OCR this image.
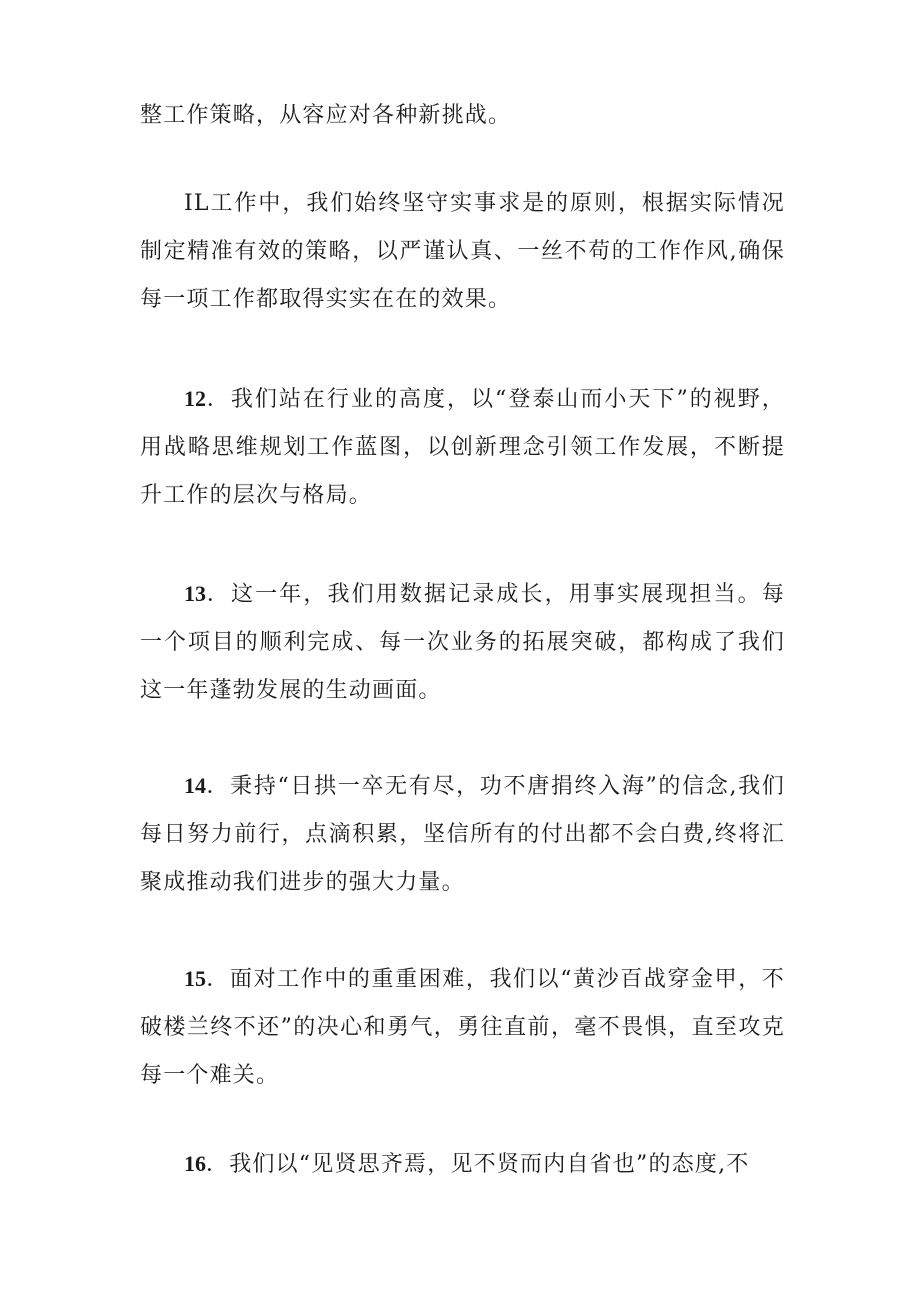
整工作策略，从容应对各种新挑战。

IL工作中，我们始终坚守实事求是的原则，根据实际情况制定精准有效的策略，以严谨认真、一丝不苟的工作作风,确保每一项工作都取得实实在在的效果。

12．我们站在行业的高度，以“登泰山而小天下”的视野，用战略思维规划工作蓝图，以创新理念引领工作发展，不断提升工作的层次与格局。

13．这一年，我们用数据记录成长，用事实展现担当。每一个项目的顺利完成、每一次业务的拓展突破，都构成了我们这一年蓬勃发展的生动画面。

14．秉持“日拱一卒无有尽，功不唐捐终入海”的信念,我们每日努力前行，点滴积累，坚信所有的付出都不会白费,终将汇聚成推动我们进步的强大力量。

15．面对工作中的重重困难，我们以“黄沙百战穿金甲，不破楼兰终不还”的决心和勇气，勇往直前，毫不畏惧，直至攻克每一个难关。

16．我们以“见贤思齐焉，见不贤而内自省也”的态度,不
